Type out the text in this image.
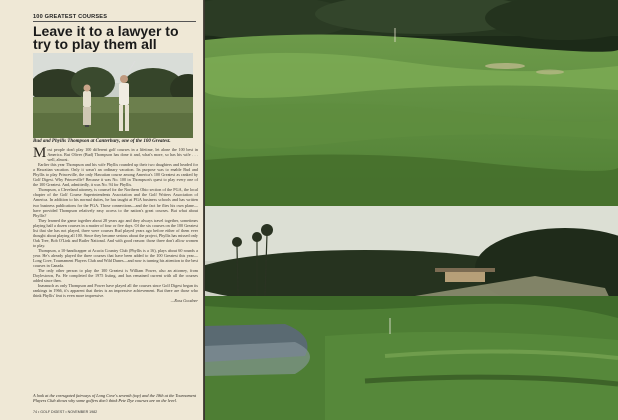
100 GREATEST COURSES
Leave it to a lawyer to try to play them all
Bud and Phyllis Thompson at Canterbury, one of the 100 Greatest.

Most people don't play 100 different golf courses in a lifetime, let alone the 100 best in America. But Oliver (Bud) Thompson has done it and, what's more, so has his wife . . . well, almost.

Earlier this year Thompson and his wife Phyllis rounded up their two daughters and headed for a Hawaiian vacation. Only it wasn't an ordinary vacation. Its purpose was to enable Bud and Phyllis to play Princeville, the only Hawaiian course among America's 100 Greatest as ranked by Golf Digest. Why Princeville? Because it was No. 100 in Thompson's quest to play every one of the 100 Greatest. And, admittedly, it was No. 94 for Phyllis.

Thompson, a Cleveland attorney, is counsel for the Northern Ohio section of the PGA, the local chapter of the Golf Course Superintendents Association and the Golf Writers Association of America. In addition to his normal duties, he has taught at PGA business schools and has written two business publications for the PGA. Those connections—and the fact he flies his own plane—have provided Thompson relatively easy access to the nation's great courses. But what about Phyllis?

They learned the game together about 28 years ago and they always travel together, sometimes playing half a dozen courses in a matter of four or five days. Of the six courses on the 100 Greatest list that she has not played, three were courses Bud played years ago before either of them ever thought about playing all 100. Since they became serious about the project, Phyllis has missed only Oak Tree, Bob O'Link and Butler National. And with good reason: those three don't allow women to play.

Thompson, a 10-handicapper at Acacia Country Club (Phyllis is a 16), plays about 60 rounds a year. He's already played the three courses that have been added to the 100 Greatest this year—Long Cove, Tournament Players Club and Wild Dunes—and now is turning his attention to the best courses in Canada.

The only other person to play the 100 Greatest is William Power, also an attorney, from Doylestown, Pa. He completed the 1975 listing, and has remained current with all the courses added since then.

Inasmuch as only Thompson and Power have played all the courses since Golf Digest began its rankings in 1966, it's apparent that theirs is an impressive achievement. But there are those who think Phyllis' feat is even more impressive.

—Ross Goodner

A look at the corrugated fairways of Long Cove's seventh (top) and the 18th at the Tournament Players Club shows why some golfers don't think Pete Dye courses are on the level.
74 • GOLF DIGEST • NOVEMBER 1982
